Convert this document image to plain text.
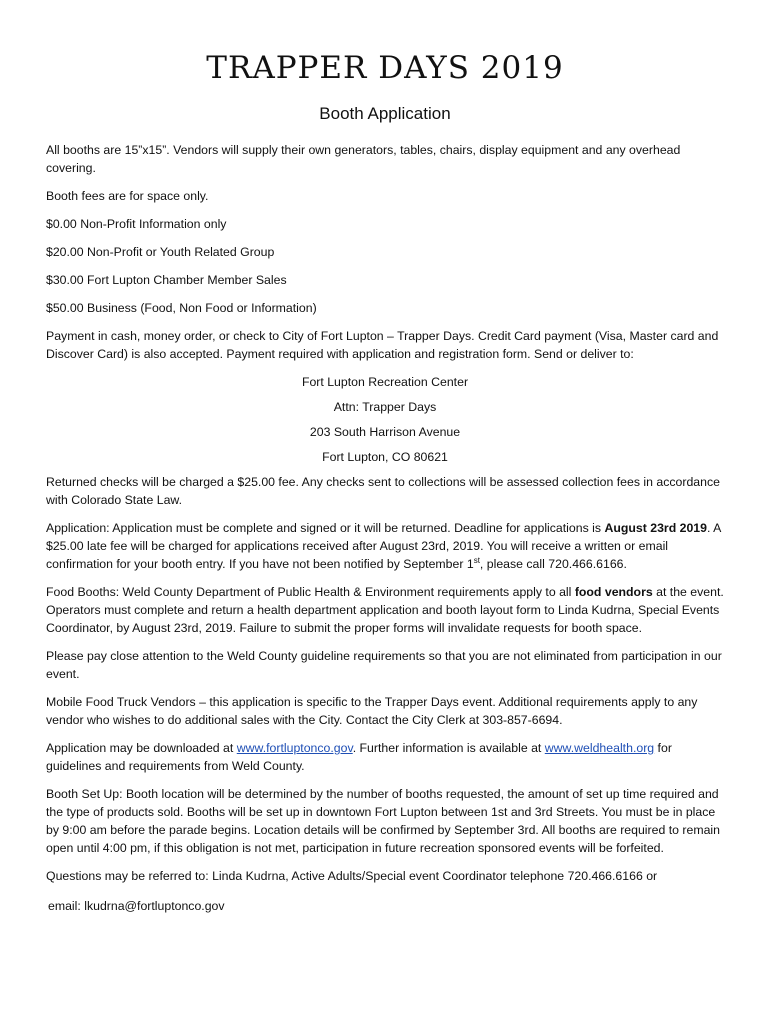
TRAPPER DAYS 2019
Booth Application

All booths are 15”x15”. Vendors will supply their own generators, tables, chairs, display equipment and any overhead covering.

Booth fees are for space only.

$0.00 Non-Profit Information only

$20.00 Non-Profit or Youth Related Group

$30.00 Fort Lupton Chamber Member Sales

$50.00 Business (Food, Non Food or Information)

Payment in cash, money order, or check to City of Fort Lupton – Trapper Days. Credit Card payment (Visa, Master card and Discover Card) is also accepted. Payment required with application and registration form. Send or deliver to:

Fort Lupton Recreation Center

Attn: Trapper Days

203 South Harrison Avenue

Fort Lupton, CO 80621

Returned checks will be charged a $25.00 fee. Any checks sent to collections will be assessed collection fees in accordance with Colorado State Law.

Application: Application must be complete and signed or it will be returned. Deadline for applications is August 23rd 2019. A $25.00 late fee will be charged for applications received after August 23rd, 2019. You will receive a written or email confirmation for your booth entry. If you have not been notified by September 1st, please call 720.466.6166.

Food Booths: Weld County Department of Public Health & Environment requirements apply to all food vendors at the event. Operators must complete and return a health department application and booth layout form to Linda Kudrna, Special Events Coordinator, by August 23rd, 2019. Failure to submit the proper forms will invalidate requests for booth space.

Please pay close attention to the Weld County guideline requirements so that you are not eliminated from participation in our event.

Mobile Food Truck Vendors – this application is specific to the Trapper Days event. Additional requirements apply to any vendor who wishes to do additional sales with the City. Contact the City Clerk at 303-857-6694.

Application may be downloaded at www.fortluptonco.gov. Further information is available at www.weldhealth.org for guidelines and requirements from Weld County.

Booth Set Up: Booth location will be determined by the number of booths requested, the amount of set up time required and the type of products sold. Booths will be set up in downtown Fort Lupton between 1st and 3rd Streets. You must be in place by 9:00 am before the parade begins. Location details will be confirmed by September 3rd. All booths are required to remain open until 4:00 pm, if this obligation is not met, participation in future recreation sponsored events will be forfeited.

Questions may be referred to: Linda Kudrna, Active Adults/Special event Coordinator telephone 720.466.6166 or

email: lkudrna@fortluptonco.gov
